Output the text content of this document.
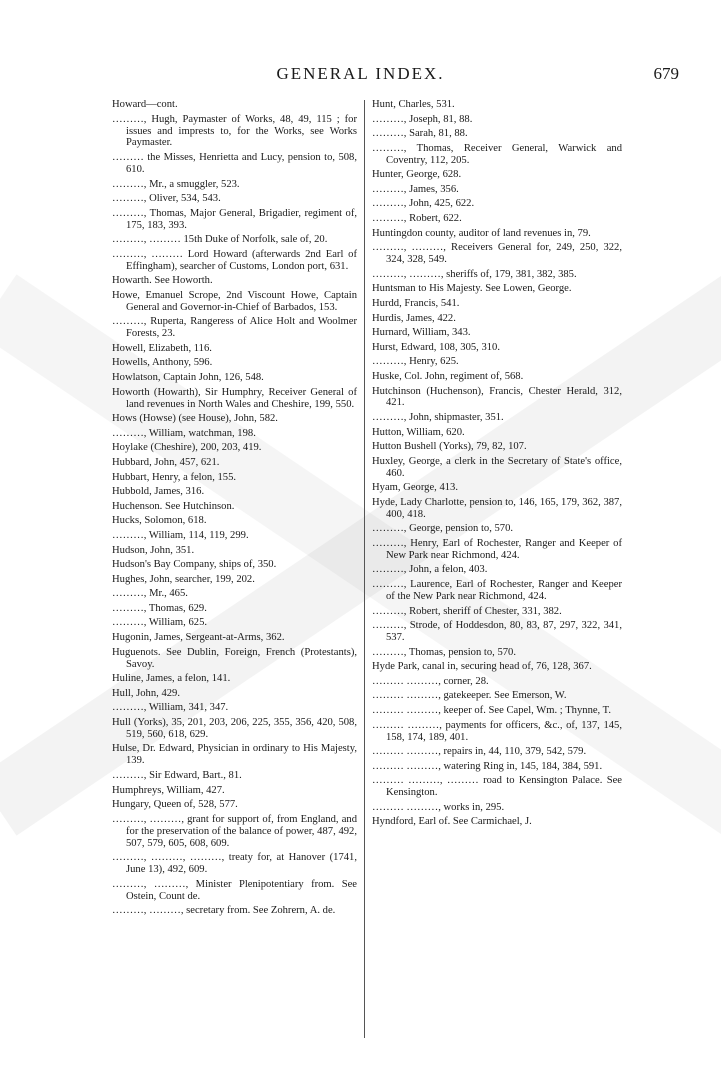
GENERAL INDEX.	679
Howard—cont.
………, Hugh, Paymaster of Works, 48, 49, 115 ; for issues and imprests to, for the Works, see Works Paymaster.
……… the Misses, Henrietta and Lucy, pension to, 508, 610.
………, Mr., a smuggler, 523.
………, Oliver, 534, 543.
………, Thomas, Major General, Brigadier, regiment of, 175, 183, 393.
………, ……… 15th Duke of Norfolk, sale of, 20.
………, ……… Lord Howard (afterwards 2nd Earl of Effingham), searcher of Customs, London port, 631.
Howarth. See Howorth.
Howe, Emanuel Scrope, 2nd Viscount Howe, Captain General and Governor-in-Chief of Barbados, 153.
………, Ruperta, Rangeress of Alice Holt and Woolmer Forests, 23.
Howell, Elizabeth, 116.
Howells, Anthony, 596.
Howlatson, Captain John, 126, 548.
Howorth (Howarth), Sir Humphry, Receiver General of land revenues in North Wales and Cheshire, 199, 550.
Hows (Howse) (see House), John, 582.
………, William, watchman, 198.
Hoylake (Cheshire), 200, 203, 419.
Hubbard, John, 457, 621.
Hubbart, Henry, a felon, 155.
Hubbold, James, 316.
Huchenson. See Hutchinson.
Hucks, Solomon, 618.
………, William, 114, 119, 299.
Hudson, John, 351.
Hudson's Bay Company, ships of, 350.
Hughes, John, searcher, 199, 202.
………, Mr., 465.
………, Thomas, 629.
………, William, 625.
Hugonin, James, Sergeant-at-Arms, 362.
Huguenots. See Dublin, Foreign, French (Protestants), Savoy.
Huline, James, a felon, 141.
Hull, John, 429.
………, William, 341, 347.
Hull (Yorks), 35, 201, 203, 206, 225, 355, 356, 420, 508, 519, 560, 618, 629.
Hulse, Dr. Edward, Physician in ordinary to His Majesty, 139.
………, Sir Edward, Bart., 81.
Humphreys, William, 427.
Hungary, Queen of, 528, 577.
………, ………, grant for support of, from England, and for the preservation of the balance of power, 487, 492, 507, 579, 605, 608, 609.
………, ………, ………, treaty for, at Hanover (1741, June 13), 492, 609.
………, ………, Minister Plenipotentiary from. See Ostein, Count de.
………, ………, secretary from. See Zohrern, A. de.
Hunt, Charles, 531.
………, Joseph, 81, 88.
………, Sarah, 81, 88.
………, Thomas, Receiver General, Warwick and Coventry, 112, 205.
Hunter, George, 628.
………, James, 356.
………, John, 425, 622.
………, Robert, 622.
Huntingdon county, auditor of land revenues in, 79.
………, ………, Receivers General for, 249, 250, 322, 324, 328, 549.
………, ………, sheriffs of, 179, 381, 382, 385.
Huntsman to His Majesty. See Lowen, George.
Hurdd, Francis, 541.
Hurdis, James, 422.
Hurnard, William, 343.
Hurst, Edward, 108, 305, 310.
………, Henry, 625.
Huske, Col. John, regiment of, 568.
Hutchinson (Huchenson), Francis, Chester Herald, 312, 421.
………, John, shipmaster, 351.
Hutton, William, 620.
Hutton Bushell (Yorks), 79, 82, 107.
Huxley, George, a clerk in the Secretary of State's office, 460.
Hyam, George, 413.
Hyde, Lady Charlotte, pension to, 146, 165, 179, 362, 387, 400, 418.
………, George, pension to, 570.
………, Henry, Earl of Rochester, Ranger and Keeper of New Park near Richmond, 424.
………, John, a felon, 403.
………, Laurence, Earl of Rochester, Ranger and Keeper of the New Park near Richmond, 424.
………, Robert, sheriff of Chester, 331, 382.
………, Strode, of Hoddesdon, 80, 83, 87, 297, 322, 341, 537.
………, Thomas, pension to, 570.
Hyde Park, canal in, securing head of, 76, 128, 367.
……… ………, corner, 28.
……… ………, gatekeeper. See Emerson, W.
……… ………, keeper of. See Capel, Wm. ; Thynne, T.
……… ………, payments for officers, &c., of, 137, 145, 158, 174, 189, 401.
……… ………, repairs in, 44, 110, 379, 542, 579.
……… ………, watering Ring in, 145, 184, 384, 591.
……… ………, ……… road to Kensington Palace. See Kensington.
……… ………, works in, 295.
Hyndford, Earl of. See Carmichael, J.
